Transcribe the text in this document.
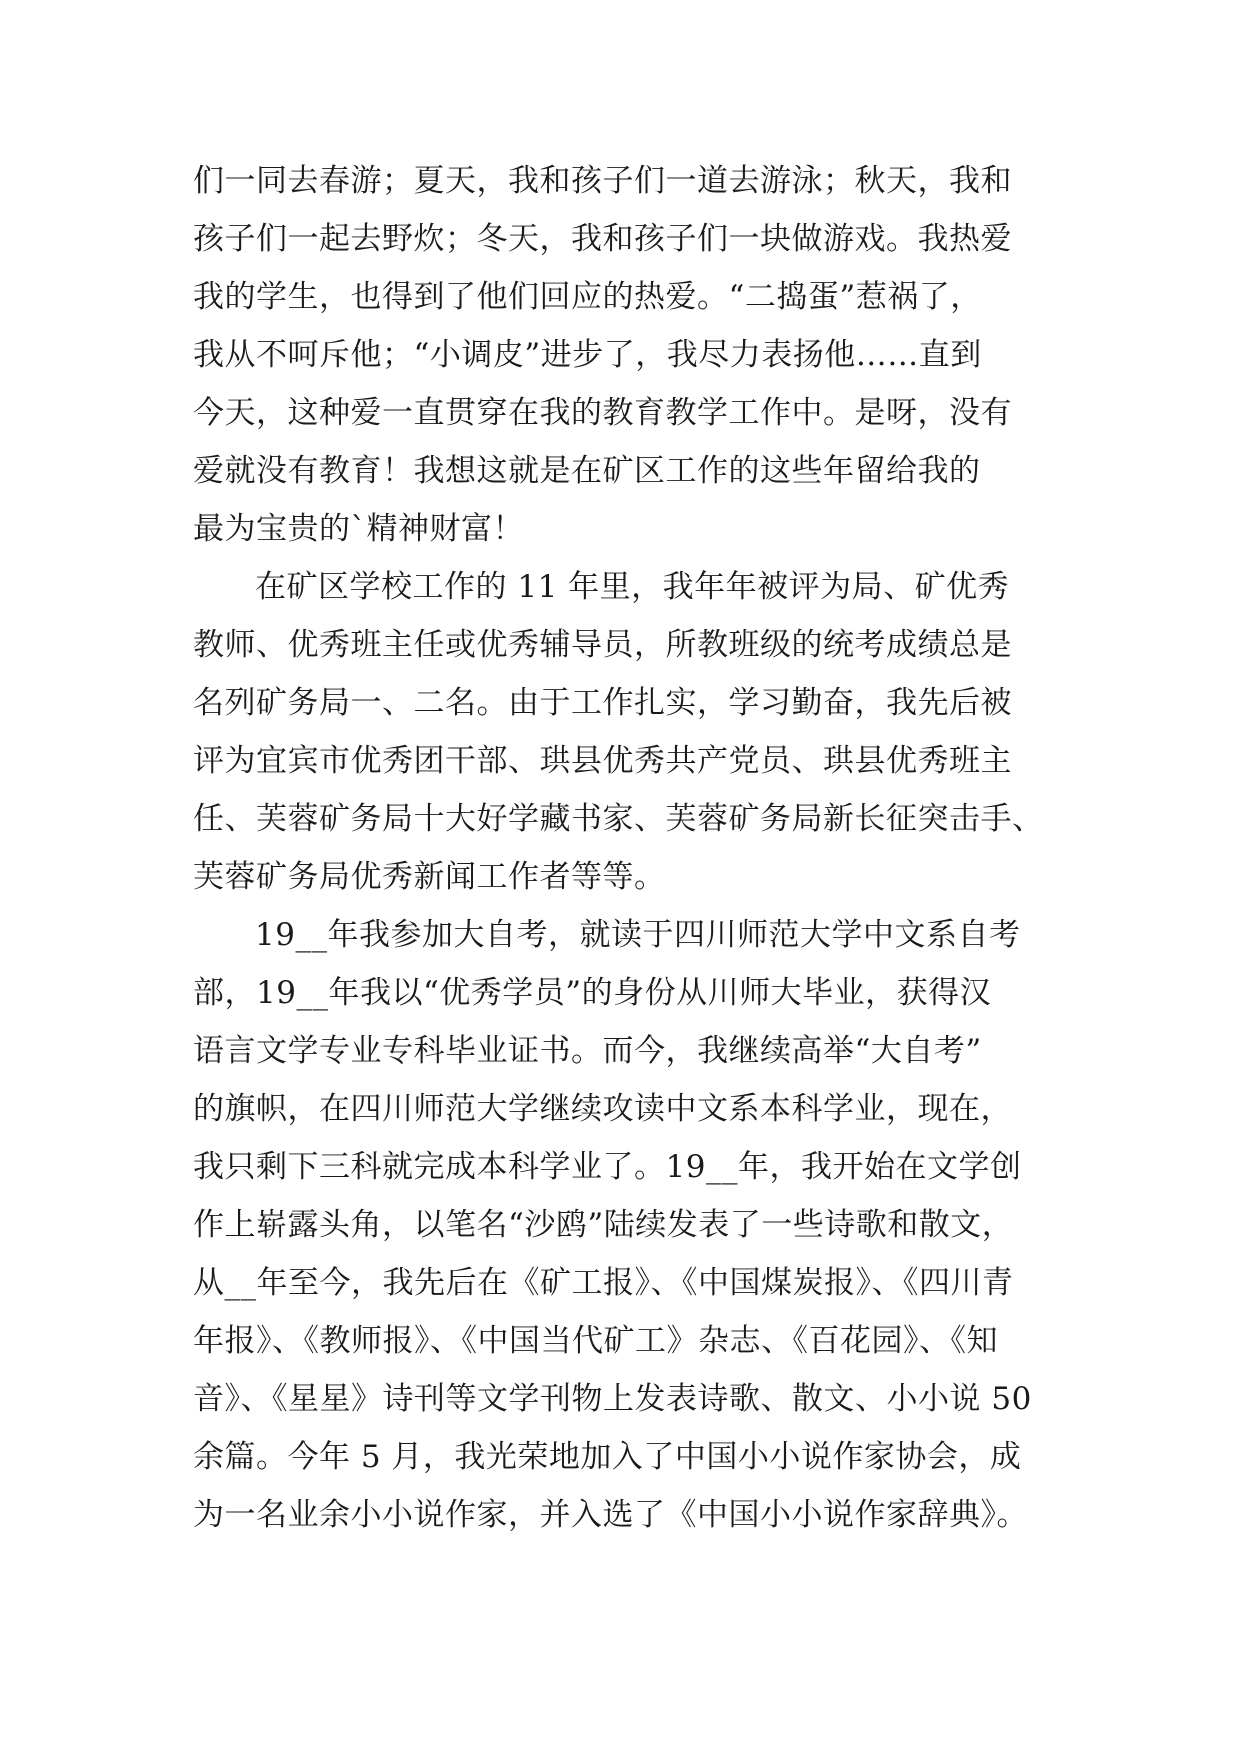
们一同去春游；夏天，我和孩子们一道去游泳；秋天，我和
孩子们一起去野炊；冬天，我和孩子们一块做游戏。我热爱
我的学生，也得到了他们回应的热爱。“二捣蛋”惹祸了，
我从不呵斥他；“小调皮”进步了，我尽力表扬他……直到
今天，这种爱一直贯穿在我的教育教学工作中。是呀，没有
爱就没有教育！我想这就是在矿区工作的这些年留给我的
最为宝贵的`精神财富！
在矿区学校工作的 11 年里，我年年被评为局、矿优秀
教师、优秀班主任或优秀辅导员，所教班级的统考成绩总是
名列矿务局一、二名。由于工作扎实，学习勤奋，我先后被
评为宜宾市优秀团干部、珙县优秀共产党员、珙县优秀班主
任、芙蓉矿务局十大好学藏书家、芙蓉矿务局新长征突击手、
芙蓉矿务局优秀新闻工作者等等。
19__年我参加大自考，就读于四川师范大学中文系自考
部，19__年我以“优秀学员”的身份从川师大毕业，获得汉
语言文学专业专科毕业证书。而今，我继续高举“大自考”
的旗帜，在四川师范大学继续攻读中文系本科学业，现在，
我只剩下三科就完成本科学业了。19__年，我开始在文学创
作上崭露头角，以笔名“沙鸥”陆续发表了一些诗歌和散文，
从__年至今，我先后在《矿工报》、《中国煤炭报》、《四川青
年报》、《教师报》、《中国当代矿工》杂志、《百花园》、《知
音》、《星星》诗刊等文学刊物上发表诗歌、散文、小小说 50
余篇。今年 5 月，我光荣地加入了中国小小说作家协会，成
为一名业余小小说作家，并入选了《中国小小说作家辞典》。
